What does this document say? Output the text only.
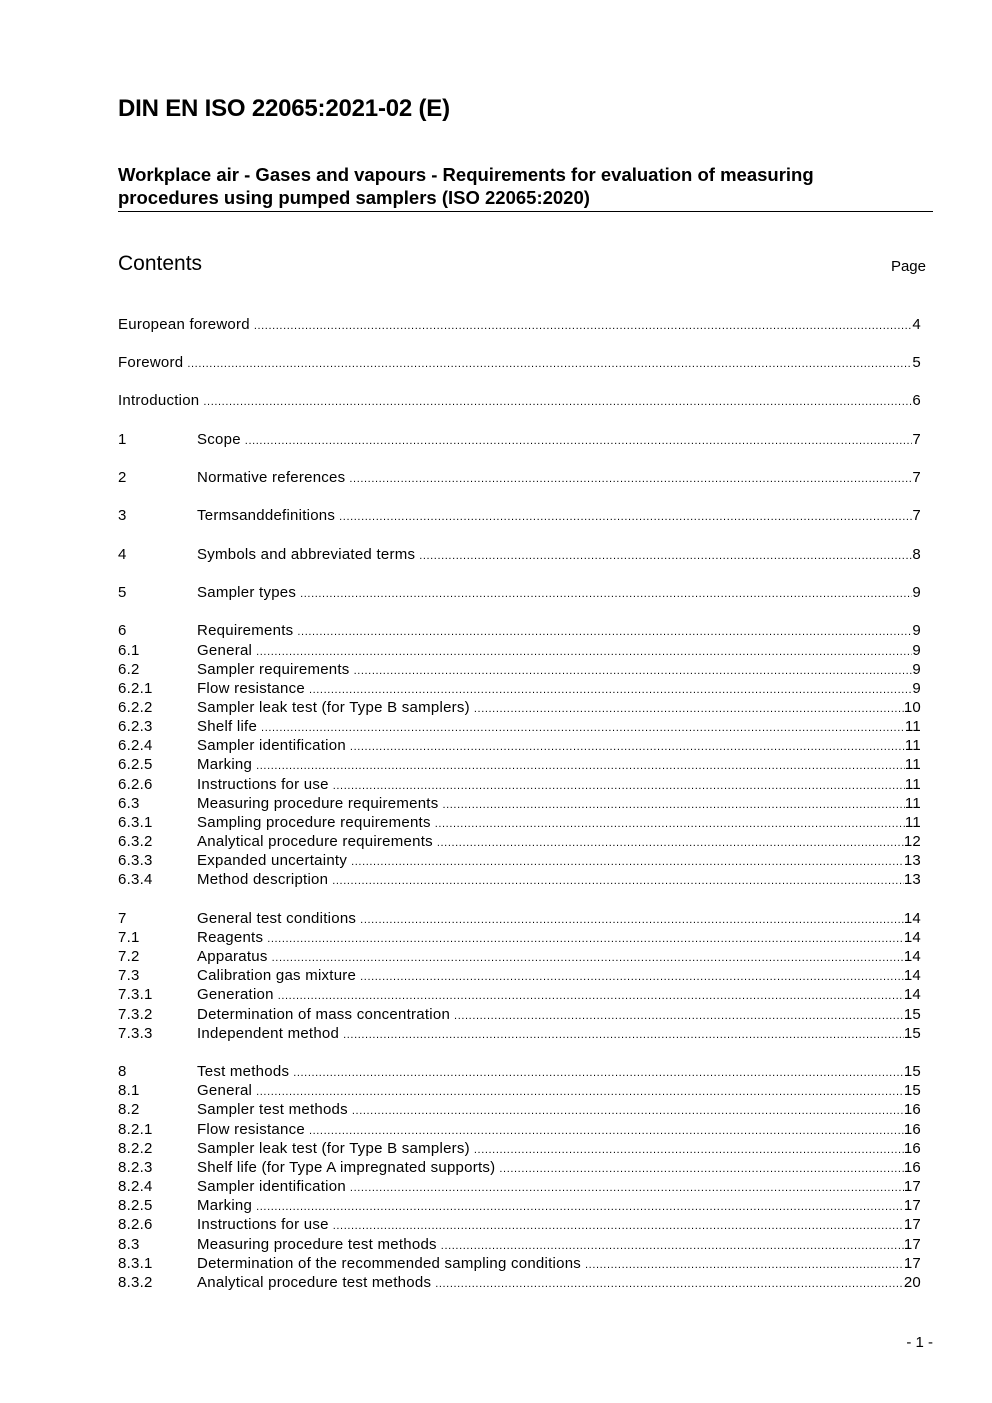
DIN EN ISO 22065:2021-02 (E)
Workplace air - Gases and vapours - Requirements for evaluation of measuring
procedures using pumped samplers (ISO 22065:2020)
Contents	Page
European foreword .....	4
Foreword .....	5
Introduction .....	6
1	Scope .....	7
2	Normative references .....	7
3	Termsanddefinitions .....	7
4	Symbols and abbreviated terms .....	8
5	Sampler types .....	9
6	Requirements .....	9
6.1	General .....	9
6.2	Sampler requirements .....	9
6.2.1	Flow resistance .....	9
6.2.2	Sampler leak test (for Type B samplers) .....	10
6.2.3	Shelf life .....	11
6.2.4	Sampler identification .....	11
6.2.5	Marking .....	11
6.2.6	Instructions for use .....	11
6.3	Measuring procedure requirements .....	11
6.3.1	Sampling procedure requirements .....	11
6.3.2	Analytical procedure requirements .....	12
6.3.3	Expanded uncertainty .....	13
6.3.4	Method description .....	13
7	General test conditions .....	14
7.1	Reagents .....	14
7.2	Apparatus .....	14
7.3	Calibration gas mixture .....	14
7.3.1	Generation .....	14
7.3.2	Determination of mass concentration .....	15
7.3.3	Independent method .....	15
8	Test methods .....	15
8.1	General .....	15
8.2	Sampler test methods .....	16
8.2.1	Flow resistance .....	16
8.2.2	Sampler leak test (for Type B samplers) .....	16
8.2.3	Shelf life (for Type A impregnated supports) .....	16
8.2.4	Sampler identification .....	17
8.2.5	Marking .....	17
8.2.6	Instructions for use .....	17
8.3	Measuring procedure test methods .....	17
8.3.1	Determination of the recommended sampling conditions .....	17
8.3.2	Analytical procedure test methods .....	20
- 1 -
